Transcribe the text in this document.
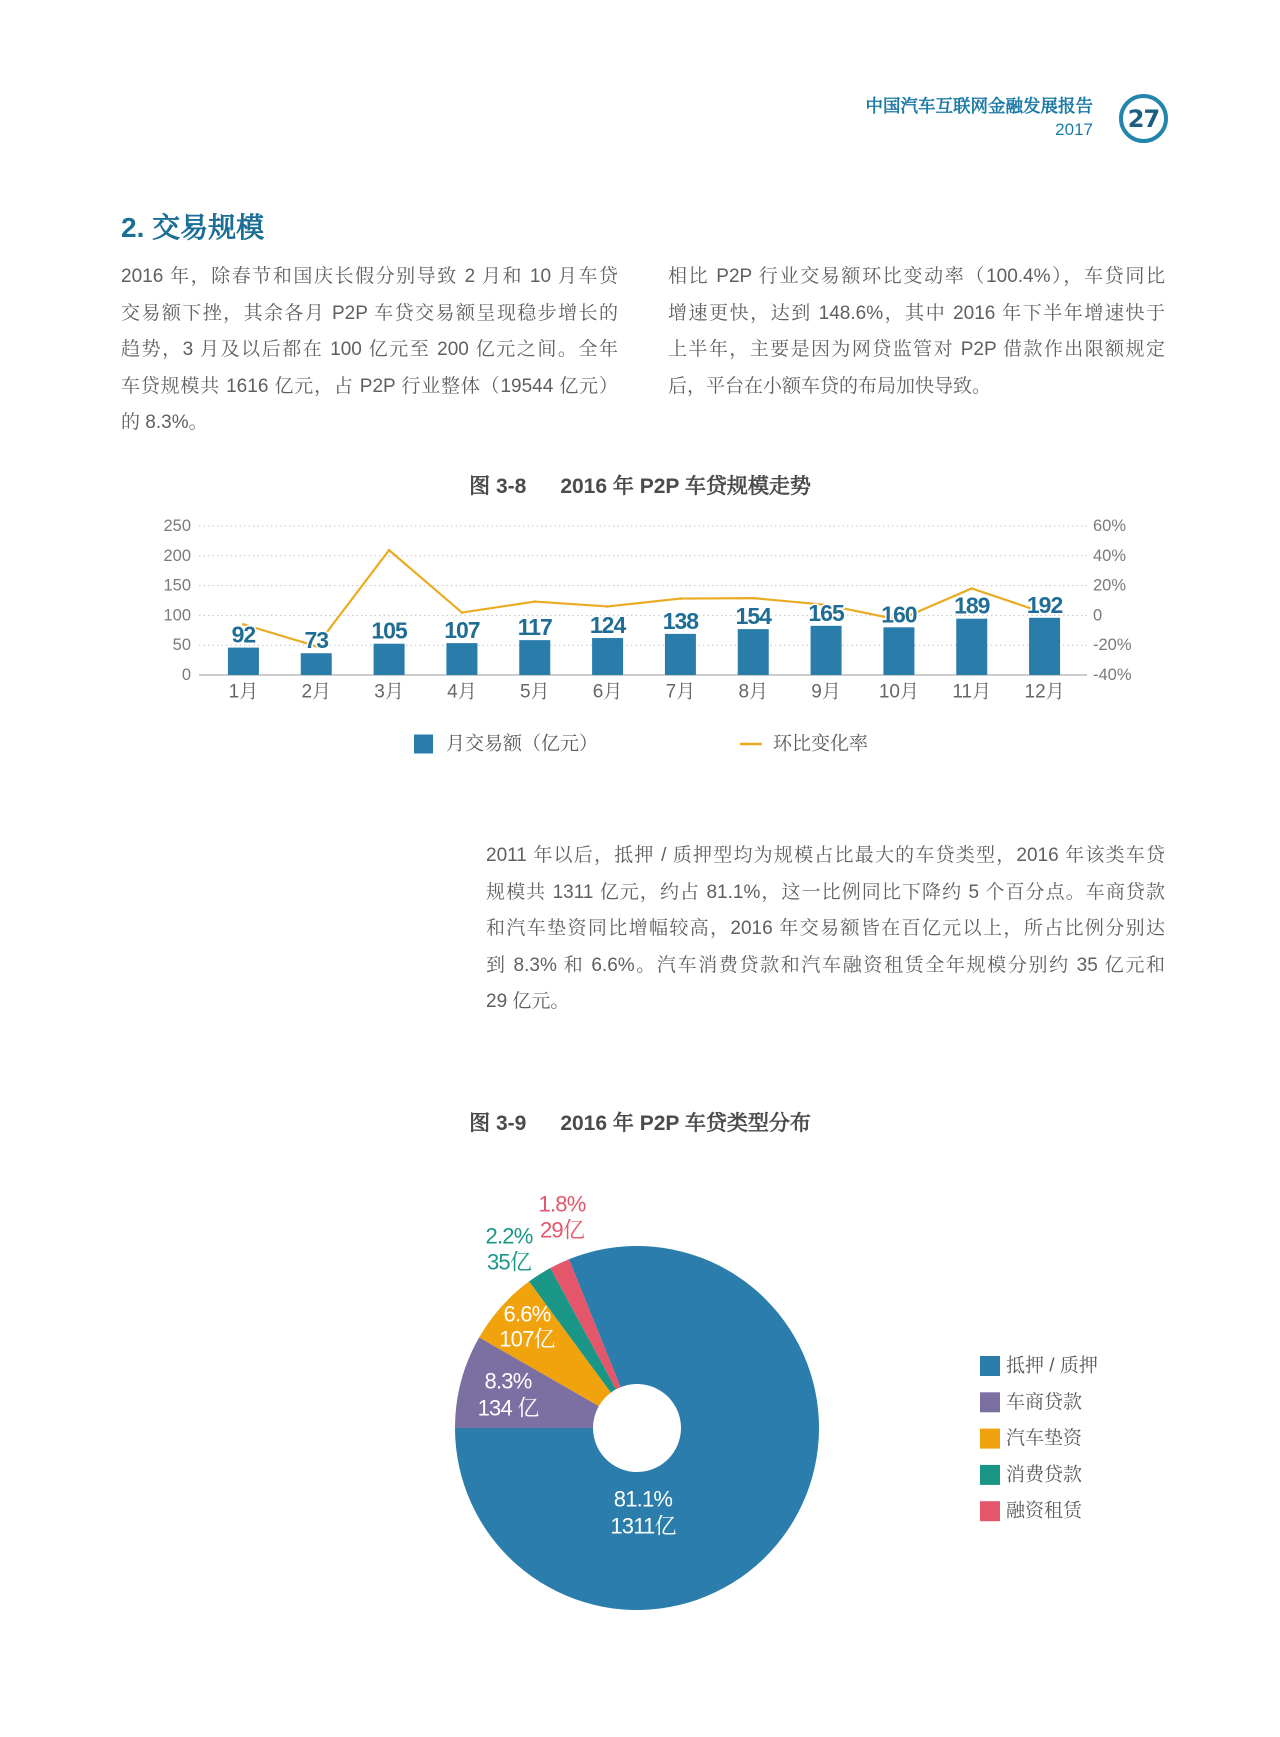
中国汽车互联网金融发展报告
2017 27
2. 交易规模
2016 年，除春节和国庆长假分别导致 2 月和 10 月车贷
交易额下挫，其余各月 P2P 车贷交易额呈现稳步增长的
趋势，3 月及以后都在 100 亿元至 200 亿元之间。全年
车贷规模共 1616 亿元，占 P2P 行业整体（19544 亿元）
的 8.3%。
相比 P2P 行业交易额环比变动率（100.4%），车贷同比
增速更快，达到 148.6%，其中 2016 年下半年增速快于
上半年，主要是因为网贷监管对 P2P 借款作出限额规定
后，平台在小额车贷的布局加快导致。
图 3-8 2016 年 P2P 车贷规模走势
0
50
100
150
200
250
-40%
-20%
0
20%
40%
60%
92 73 105 107 117 124 138 154 165 160 189 192
1月 2月 3月 4月 5月 6月 7月 8月 9月 10月 11月 12月
月交易额（亿元）	环比变化率
2011 年以后，抵押 / 质押型均为规模占比最大的车贷类型，2016 年该类车贷
规模共 1311 亿元，约占 81.1%，这一比例同比下降约 5 个百分点。车商贷款
和汽车垫资同比增幅较高，2016 年交易额皆在百亿元以上，所占比例分别达
到 8.3% 和 6.6%。汽车消费贷款和汽车融资租赁全年规模分别约 35 亿元和
29 亿元。
图 3-9 2016 年 P2P 车贷类型分布
81.1%
1311亿
8.3%
134 亿
6.6%
107亿
2.2%
35亿
1.8%
29亿
抵押 / 质押
车商贷款
汽车垫资
消费贷款
融资租赁
